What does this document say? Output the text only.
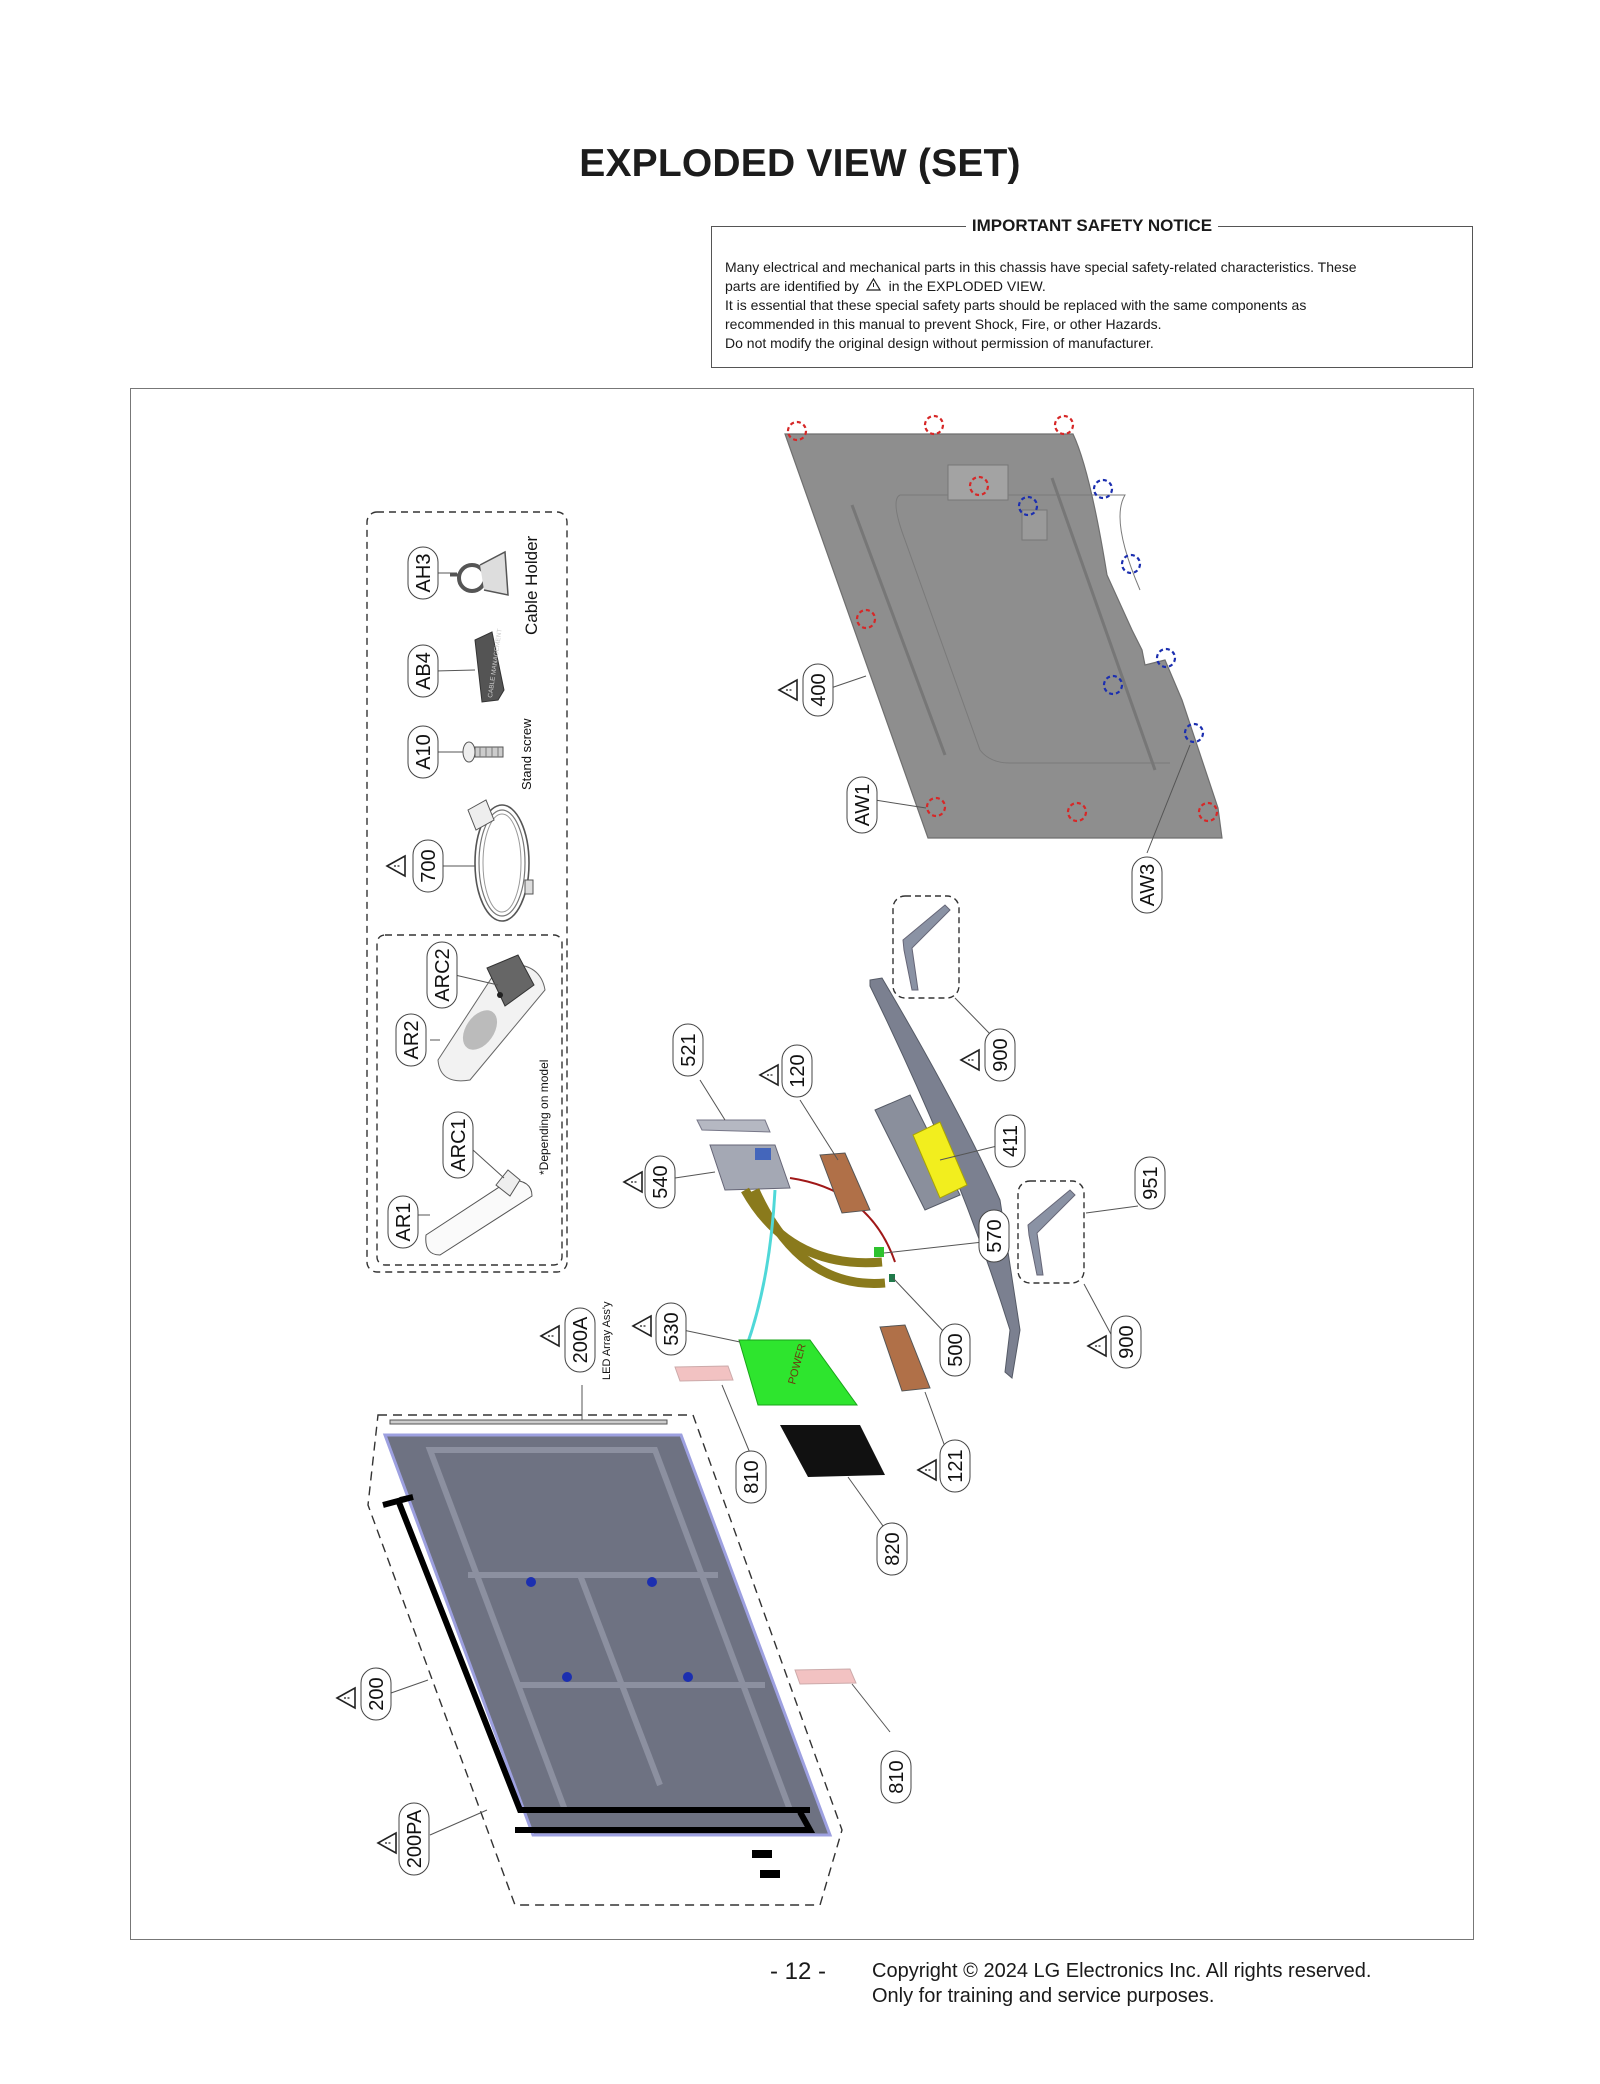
EXPLODED VIEW (SET)
IMPORTANT SAFETY NOTICE

Many electrical and mechanical parts in this chassis have special safety-related characteristics. These

parts are identified by in the EXPLODED VIEW.

It is essential that these special safety parts should be replaced with the same components as

recommended in this manual to prevent Shock, Fire, or other Hazards.

Do not modify the original design without permission of manufacturer.

CABLE MANAGEMENT
POWER
AH3
AB4
A10
700
ARC2
AR2
ARC1
AR1
400
AW1
AW3
900
521
120
411
951
540
570
900
200A	530
500
810	121
820
200
810
200PA
Cable Holder
Stand screw
*Depending on model
LED Array Ass'y
- 12 - Copyright © 2024 LG Electronics Inc. All rights reserved.
Only for training and service purposes.
